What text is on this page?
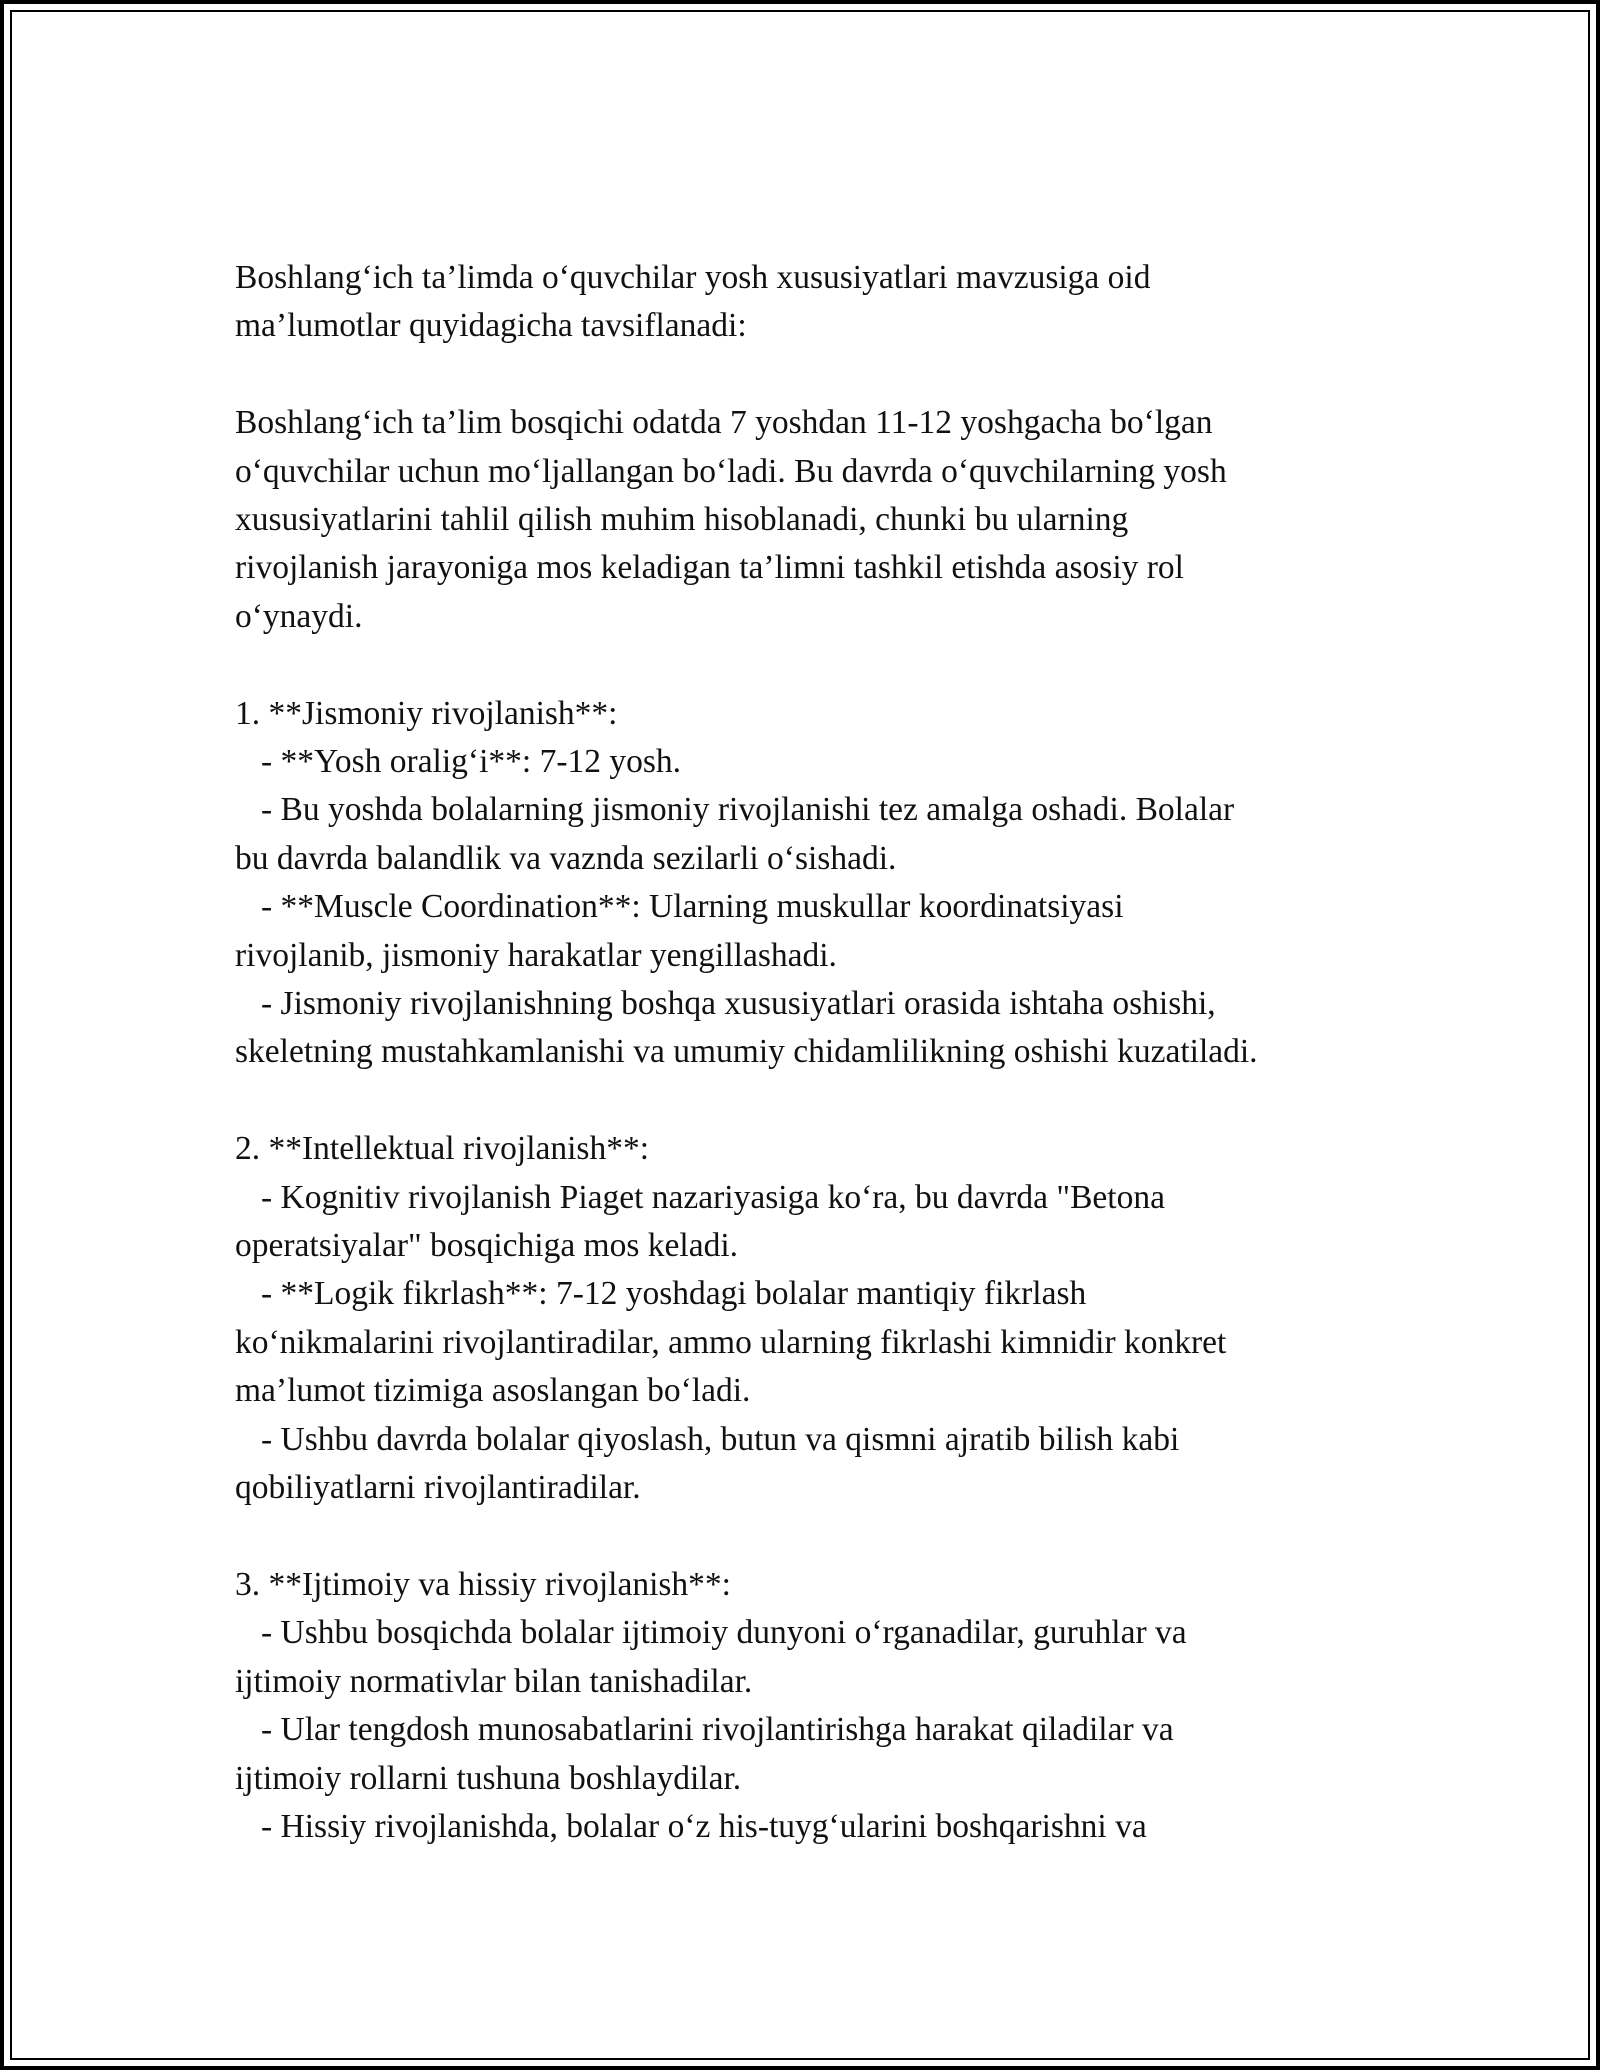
Boshlang‘ich ta’limda o‘quvchilar yosh xususiyatlari mavzusiga oid
ma’lumotlar quyidagicha tavsiflanadi:

Boshlang‘ich ta’lim bosqichi odatda 7 yoshdan 11-12 yoshgacha bo‘lgan
o‘quvchilar uchun mo‘ljallangan bo‘ladi. Bu davrda o‘quvchilarning yosh
xususiyatlarini tahlil qilish muhim hisoblanadi, chunki bu ularning
rivojlanish jarayoniga mos keladigan ta’limni tashkil etishda asosiy rol
o‘ynaydi.

1. **Jismoniy rivojlanish**:
- **Yosh oralig‘i**: 7-12 yosh.
- Bu yoshda bolalarning jismoniy rivojlanishi tez amalga oshadi. Bolalar
bu davrda balandlik va vaznda sezilarli o‘sishadi.
- **Muscle Coordination**: Ularning muskullar koordinatsiyasi
rivojlanib, jismoniy harakatlar yengillashadi.
- Jismoniy rivojlanishning boshqa xususiyatlari orasida ishtaha oshishi,
skeletning mustahkamlanishi va umumiy chidamlilikning oshishi kuzatiladi.
2. **Intellektual rivojlanish**:
- Kognitiv rivojlanish Piaget nazariyasiga ko‘ra, bu davrda "Betona
operatsiyalar" bosqichiga mos keladi.
- **Logik fikrlash**: 7-12 yoshdagi bolalar mantiqiy fikrlash
ko‘nikmalarini rivojlantiradilar, ammo ularning fikrlashi kimnidir konkret
ma’lumot tizimiga asoslangan bo‘ladi.
- Ushbu davrda bolalar qiyoslash, butun va qismni ajratib bilish kabi
qobiliyatlarni rivojlantiradilar.
3. **Ijtimoiy va hissiy rivojlanish**:
- Ushbu bosqichda bolalar ijtimoiy dunyoni o‘rganadilar, guruhlar va
ijtimoiy normativlar bilan tanishadilar.
- Ular tengdosh munosabatlarini rivojlantirishga harakat qiladilar va
ijtimoiy rollarni tushuna boshlaydilar.
- Hissiy rivojlanishda, bolalar o‘z his-tuyg‘ularini boshqarishni va
